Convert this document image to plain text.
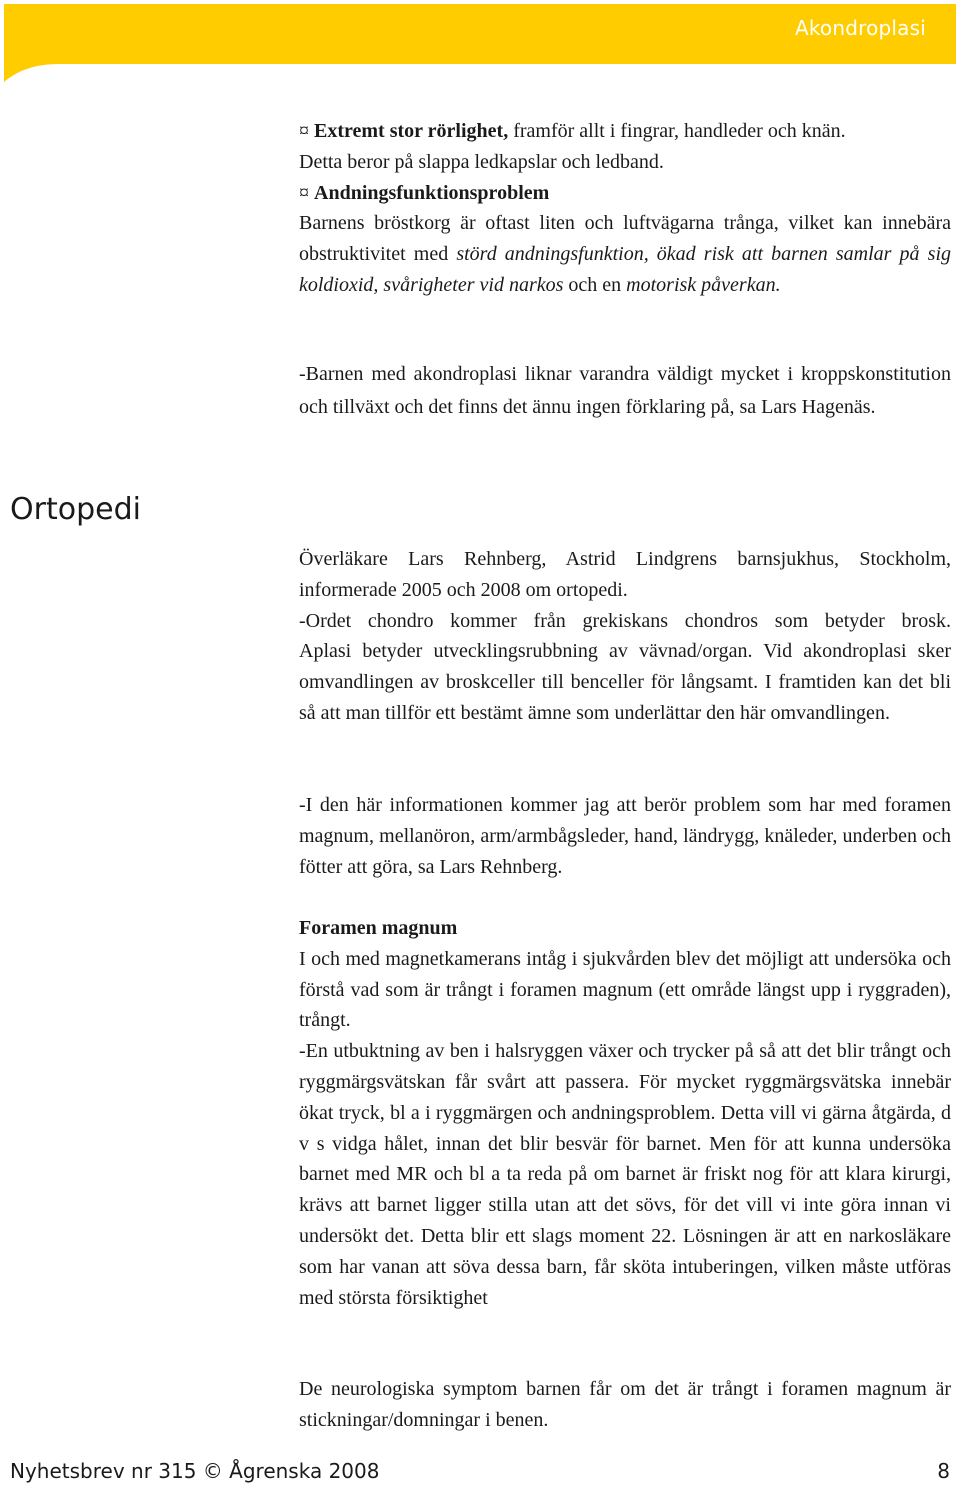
Akondroplasi

¤ Extremt stor rörlighet, framför allt i fingrar, handleder och knän.

Detta beror på slappa ledkapslar och ledband.

¤ Andningsfunktionsproblem

Barnens bröstkorg är oftast liten och luftvägarna trånga, vilket kan innebära obstruktivitet med störd andningsfunktion, ökad risk att barnen samlar på sig koldioxid, svårigheter vid narkos och en motorisk påverkan.

-Barnen med akondroplasi liknar varandra väldigt mycket i kroppskonstitution och tillväxt och det finns det ännu ingen förklaring på, sa Lars Hagenäs.

Ortopedi

Överläkare Lars Rehnberg, Astrid Lindgrens barnsjukhus, Stockholm,

informerade 2005 och 2008 om ortopedi.

-Ordet chondro kommer från grekiskans chondros som betyder brosk.

Aplasi betyder utvecklingsrubbning av vävnad/organ. Vid akondroplasi sker omvandlingen av broskceller till benceller för långsamt. I framtiden kan det bli så att man tillför ett bestämt ämne som underlättar den här omvandlingen.

-I den här informationen kommer jag att berör problem som har med foramen magnum, mellanöron, arm/armbågsleder, hand, ländrygg, knäleder, underben och fötter att göra, sa Lars Rehnberg.

Foramen magnum

I och med magnetkamerans intåg i sjukvården blev det möjligt att undersöka och förstå vad som är trångt i foramen magnum (ett område längst upp i ryggraden), trångt.

-En utbuktning av ben i halsryggen växer och trycker på så att det blir trångt och ryggmärgsvätskan får svårt att passera. För mycket ryggmärgsvätska innebär ökat tryck, bl a i ryggmärgen och andningsproblem. Detta vill vi gärna åtgärda, d v s vidga hålet, innan det blir besvär för barnet. Men för att kunna undersöka barnet med MR och bl a ta reda på om barnet är friskt nog för att klara kirurgi, krävs att barnet ligger stilla utan att det sövs, för det vill vi inte göra innan vi undersökt det. Detta blir ett slags moment 22. Lösningen är att en narkosläkare som har vanan att söva dessa barn, får sköta intuberingen, vilken måste utföras med största försiktighet

De neurologiska symptom barnen får om det är trångt i foramen magnum är stickningar/domningar i benen.

Nyhetsbrev nr 315 © Ågrenska 2008	8
